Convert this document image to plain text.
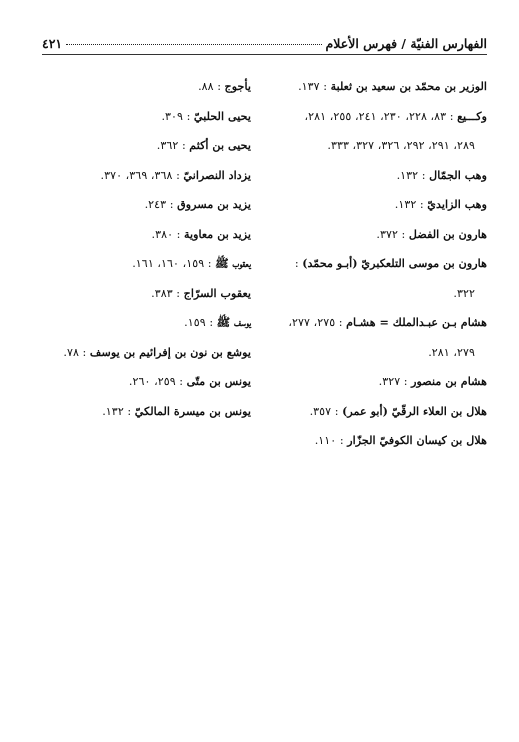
الفهارس الفنيّة / فهرس الأعلام
٤٢١
الوزير بن محمّد بن سعيد بن ثعلبة : ١٣٧.
وكـــيع : ٨٣، ٢٢٨، ٢٣٠، ٢٤١، ٢٥٥، ٢٨١،
٢٨٩، ٢٩١، ٢٩٢، ٣٢٦، ٣٢٧، ٣٣٣.
وهب الجمّال : ١٣٢.
وهب الزايديّ : ١٣٢.
هارون بن الفضل : ٣٧٢.
هارون بن موسى التلعكبريّ (أبـو محمّد) :
٣٢٢.
هشام بـن عبـدالملك = هشـام : ٢٧٥، ٢٧٧،
٢٧٩، ٢٨١.
هشام بن منصور : ٣٢٧.
هلال بن العلاء الرقّيّ (أبو عمر) : ٣٥٧.
هلال بن كيسان الكوفيّ الجزّار : ١١٠.
يأجوج : ٨٨.
يحيى الحلبيّ : ٣٠٩.
يحيى بن أكثم : ٣٦٢.
يزداد النصرانيّ : ٣٦٨، ٣٦٩، ٣٧٠.
يزيد بن مسروق : ٢٤٣.
يزيد بن معاوية : ٣٨٠.
يعقوب ﷺ : ١٥٩، ١٦٠، ١٦١.
يعقوب السرّاج : ٣٨٣.
يوسف ﷺ : ١٥٩.
يوشع بن نون بن إفرائيم بن يوسف : ٧٨.
يونس بن متّى : ٢٥٩، ٢٦٠.
يونس بن ميسرة المالكيّ : ١٣٢.
